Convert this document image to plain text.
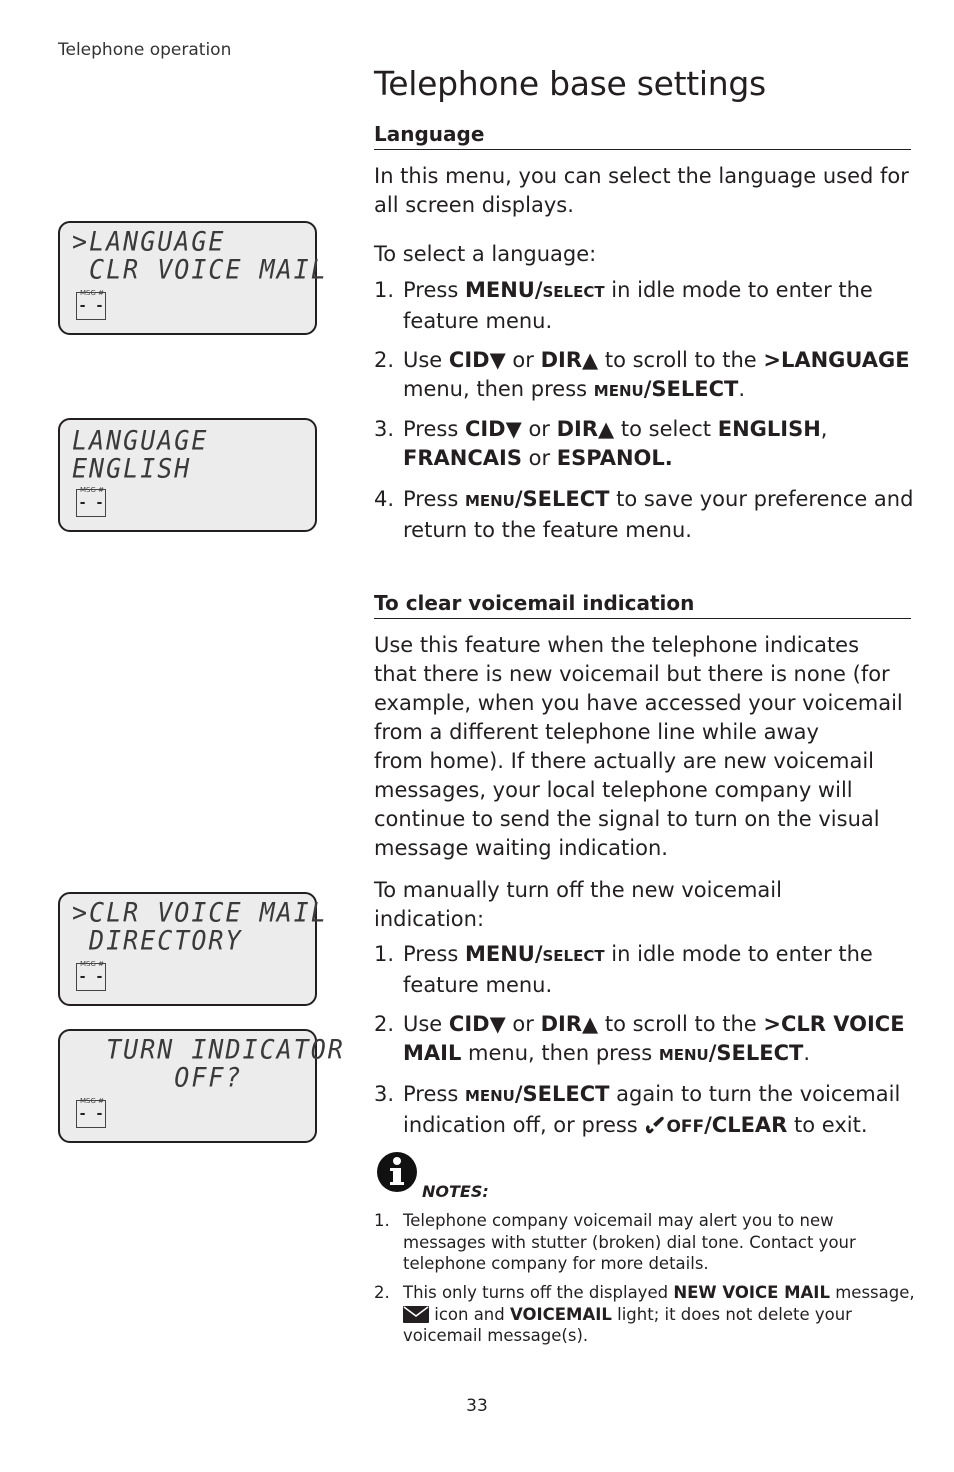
Telephone operation
Telephone base settings
Language
In this menu, you can select the language used for all screen displays.
To select a language:
1. Press MENU/SELECT in idle mode to enter the feature menu.
2. Use CID▼ or DIR▲ to scroll to the >LANGUAGE menu, then press MENU/SELECT.
3. Press CID▼ or DIR▲ to select ENGLISH,
FRANCAIS or ESPANOL.
4. Press MENU/SELECT to save your preference and return to the feature menu.
To clear voicemail indication
Use this feature when the telephone indicates
that there is new voicemail but there is none (for
example, when you have accessed your voicemail
from a different telephone line while away
from home). If there actually are new voicemail
messages, your local telephone company will
continue to send the signal to turn on the visual
message waiting indication.
To manually turn off the new voicemail indication:
1. Press MENU/SELECT in idle mode to enter the feature menu.
2. Use CID▼ or DIR▲ to scroll to the >CLR VOICE MAIL menu, then press MENU/SELECT.
3. Press MENU/SELECT again to turn the voicemail indication off, or press OFF/CLEAR to exit.
NOTES:
1. Telephone company voicemail may alert you to new messages with stutter (broken) dial tone. Contact your telephone company for more details.
2. This only turns off the displayed NEW VOICE MAIL message,
icon and VOICEMAIL light; it does not delete your voicemail message(s).
>LANGUAGE
CLR VOICE MAIL
MSG #
- -
LANGUAGE
ENGLISH
MSG #
- -
>CLR VOICE MAIL
DIRECTORY
MSG #
- -
TURN INDICATOR
OFF?
MSG #
- -
33
